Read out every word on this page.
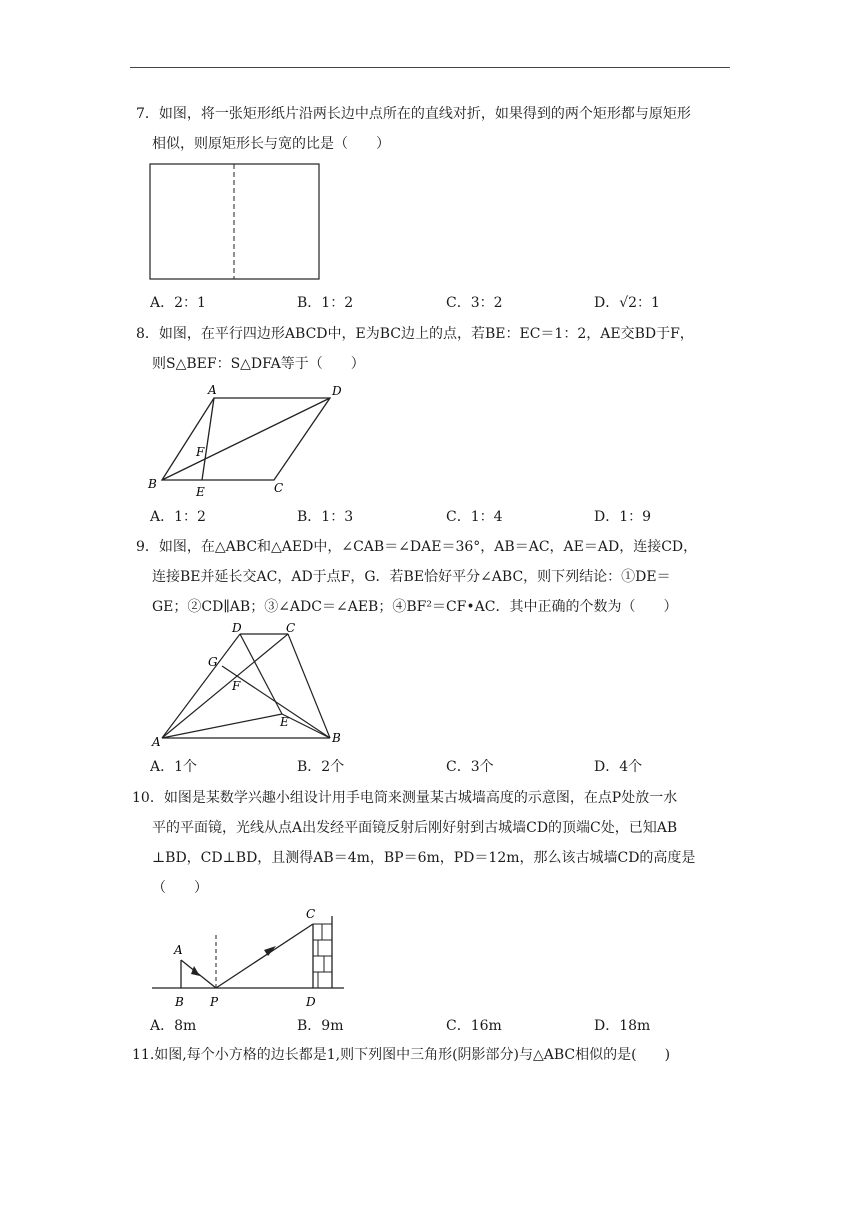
7．如图，将一张矩形纸片沿两长边中点所在的直线对折，如果得到的两个矩形都与原矩形
相似，则原矩形长与宽的比是（　　）
A．2：1	B．1：2	C．3：2	D．√2：1
8．如图，在平行四边形ABCD中，E为BC边上的点，若BE：EC＝1：2，AE交BD于F，
则S△BEF：S△DFA等于（　　）
A	D
F
B
E	C
A．1：2	B．1：3	C．1：4	D．1：9
9．如图，在△ABC和△AED中，∠CAB＝∠DAE＝36°，AB＝AC，AE＝AD，连接CD，
连接BE并延长交AC，AD于点F，G．若BE恰好平分∠ABC，则下列结论：①DE＝
GE；②CD∥AB；③∠ADC＝∠AEB；④BF²＝CF•AC．其中正确的个数为（　　）
D	C
G
F
E
A	B
A．1个	B．2个	C．3个	D．4个
10．如图是某数学兴趣小组设计用手电筒来测量某古城墙高度的示意图，在点P处放一水
平的平面镜，光线从点A出发经平面镜反射后刚好射到古城墙CD的顶端C处，已知AB
⊥BD，CD⊥BD，且测得AB＝4m，BP＝6m，PD＝12m，那么该古城墙CD的高度是
（　　）
C
A
B P	D
A．8m	B．9m	C．16m	D．18m
11.如图,每个小方格的边长都是1,则下列图中三角形(阴影部分)与△ABC相似的是(　　)
